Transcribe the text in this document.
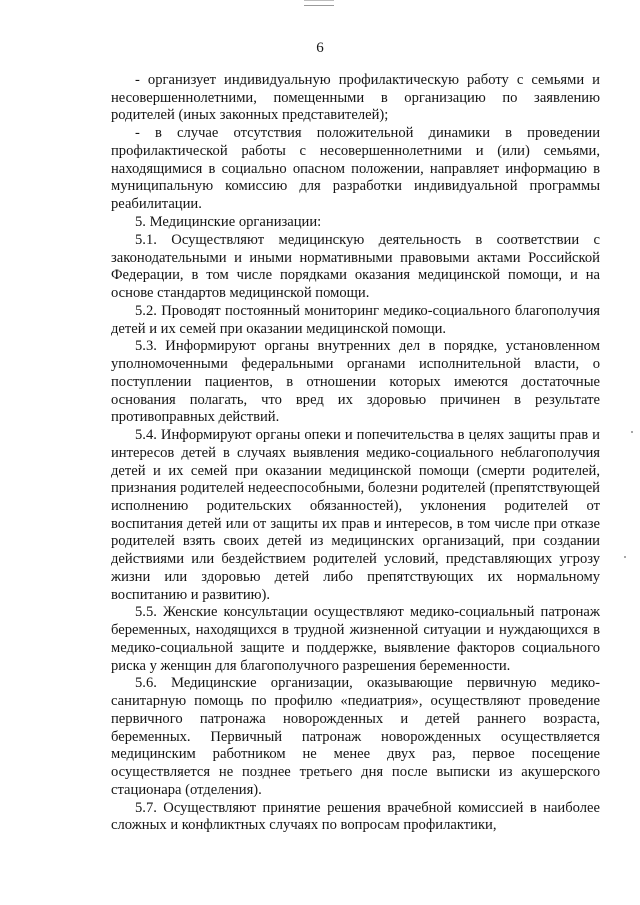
6

- организует индивидуальную профилактическую работу с семьями и несовершеннолетними, помещенными в организацию по заявлению родителей (иных законных представителей);

- в случае отсутствия положительной динамики в проведении профилактической работы с несовершеннолетними и (или) семьями, находящимися в социально опасном положении, направляет информацию в муниципальную комиссию для разработки индивидуальной программы реабилитации.

5. Медицинские организации:

5.1. Осуществляют медицинскую деятельность в соответствии с законодательными и иными нормативными правовыми актами Российской Федерации, в том числе порядками оказания медицинской помощи, и на основе стандартов медицинской помощи.

5.2. Проводят постоянный мониторинг медико-социального благополучия детей и их семей при оказании медицинской помощи.

5.3. Информируют органы внутренних дел в порядке, установленном уполномоченными федеральными органами исполнительной власти, о поступлении пациентов, в отношении которых имеются достаточные основания полагать, что вред их здоровью причинен в результате противоправных действий.

5.4. Информируют органы опеки и попечительства в целях защиты прав и интересов детей в случаях выявления медико-социального неблагополучия детей и их семей при оказании медицинской помощи (смерти родителей, признания родителей недееспособными, болезни родителей (препятствующей исполнению родительских обязанностей), уклонения родителей от воспитания детей или от защиты их прав и интересов, в том числе при отказе родителей взять своих детей из медицинских организаций, при создании действиями или бездействием родителей условий, представляющих угрозу жизни или здоровью детей либо препятствующих их нормальному воспитанию и развитию).

5.5. Женские консультации осуществляют медико-социальный патронаж беременных, находящихся в трудной жизненной ситуации и нуждающихся в медико-социальной защите и поддержке, выявление факторов социального риска у женщин для благополучного разрешения беременности.

5.6. Медицинские организации, оказывающие первичную медико-санитарную помощь по профилю «педиатрия», осуществляют проведение первичного патронажа новорожденных и детей раннего возраста, беременных. Первичный патронаж новорожденных осуществляется медицинским работником не менее двух раз, первое посещение осуществляется не позднее третьего дня после выписки из акушерского стационара (отделения).

5.7. Осуществляют принятие решения врачебной комиссией в наиболее сложных и конфликтных случаях по вопросам профилактики,
